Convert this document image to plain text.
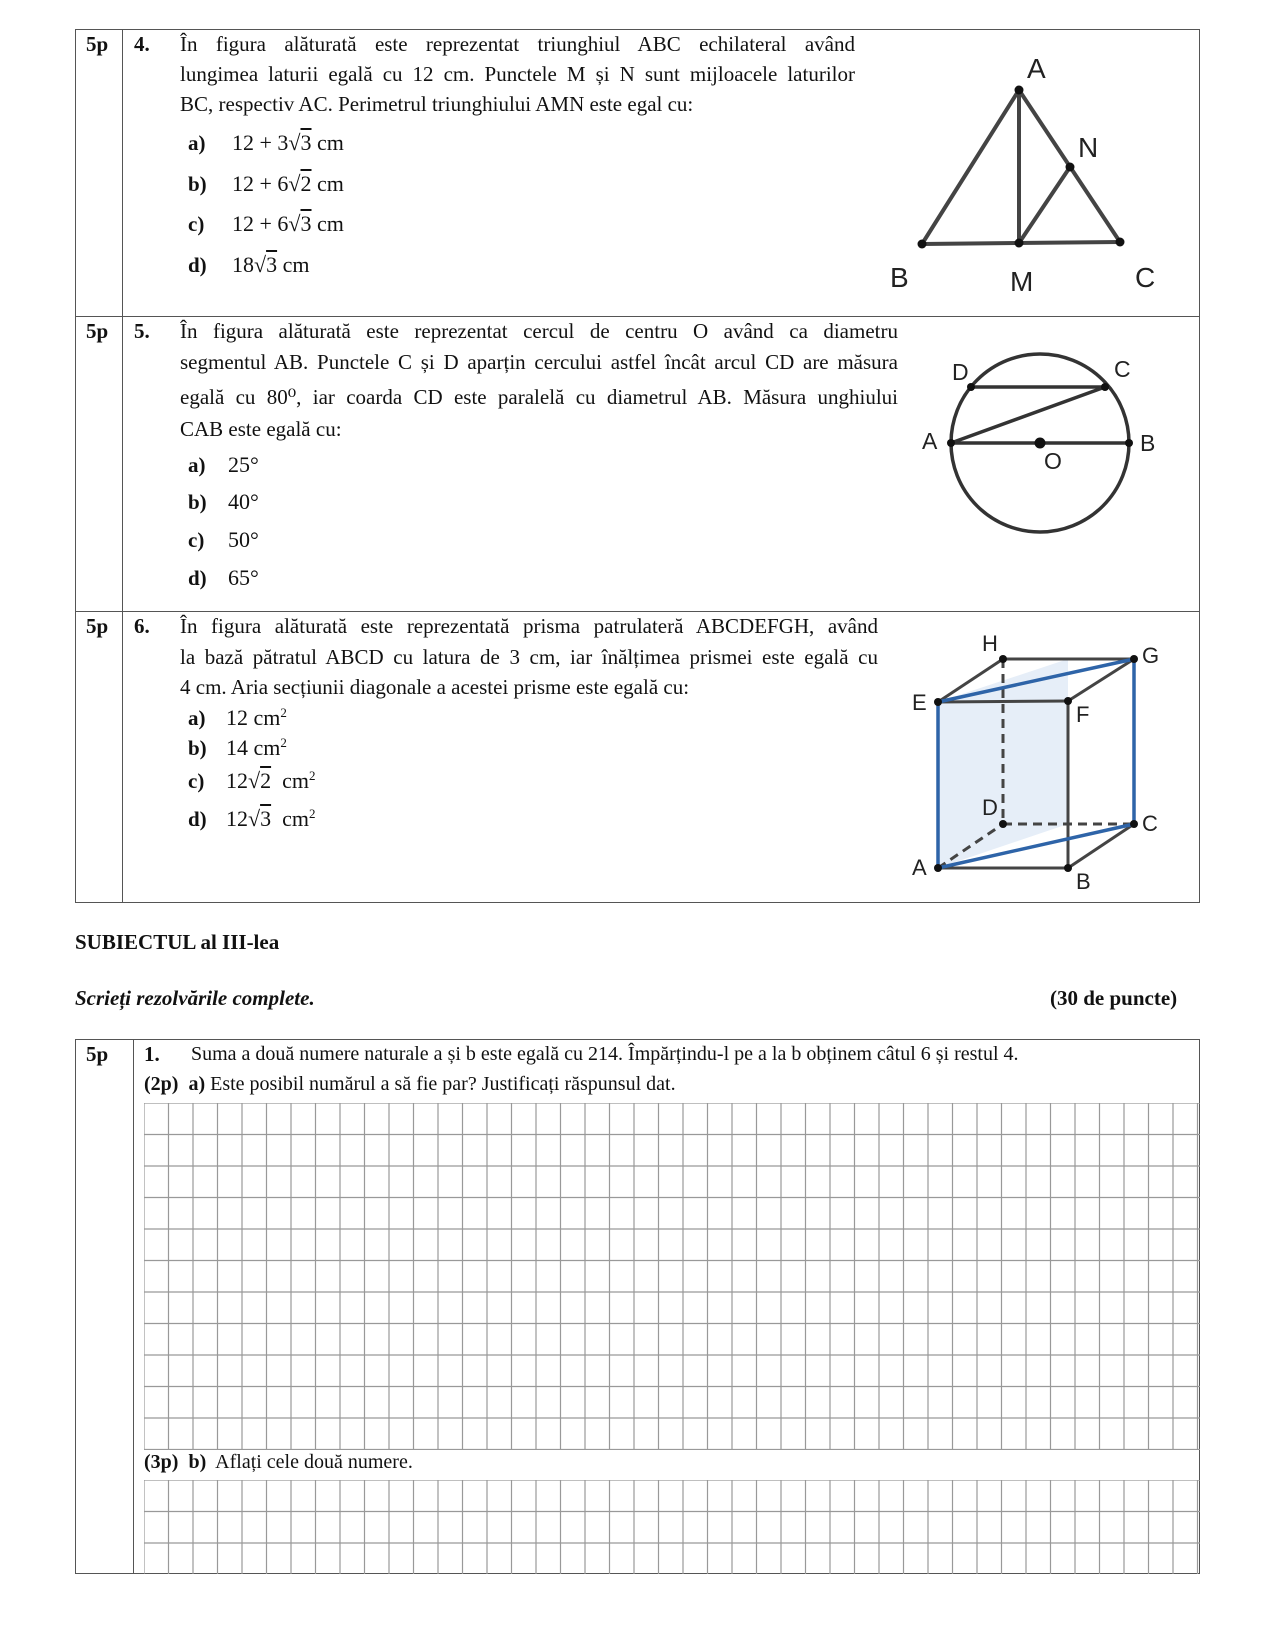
5p 4. În figura alăturată este reprezentat triunghiul ABC echilateral având
lungimea laturii egală cu 12 cm. Punctele M și N sunt mijloacele laturilor
BC, respectiv AC. Perimetrul triunghiului AMN este egal cu:
a) 12 + 3√3 cm
b) 12 + 6√2 cm
c) 12 + 6√3 cm
d) 18√3 cm
A
N
B	M	C
5p 5. În figura alăturată este reprezentat cercul de centru O având ca diametru
segmentul AB. Punctele C și D aparțin cercului astfel încât arcul CD are măsura
egală cu 80⁰, iar coarda CD este paralelă cu diametrul AB. Măsura unghiului
CAB este egală cu:
a) 25°
b) 40°
c) 50°
d) 65°
D	C
A
O
B
5p 6. În figura alăturată este reprezentată prisma patrulateră ABCDEFGH, având
la bază pătratul ABCD cu latura de 3 cm, iar înălțimea prismei este egală cu
4 cm. Aria secțiunii diagonale a acestei prisme este egală cu:
a) 12 $cm^2$
b) 14 $cm^2$
c) 12√2  $cm^2$
d) 12√3  $cm^2$
H	G
E	F
D
C
A
B
SUBIECTUL al III-lea
Scrieți rezolvările complete.	(30 de puncte)
5p 1. Suma a două numere naturale a și b este egală cu 214. Împărțindu-l pe a la b obținem câtul 6 și restul 4.
(2p) a) Este posibil numărul a să fie par? Justificați răspunsul dat.
(3p) b) Aflați cele două numere.
